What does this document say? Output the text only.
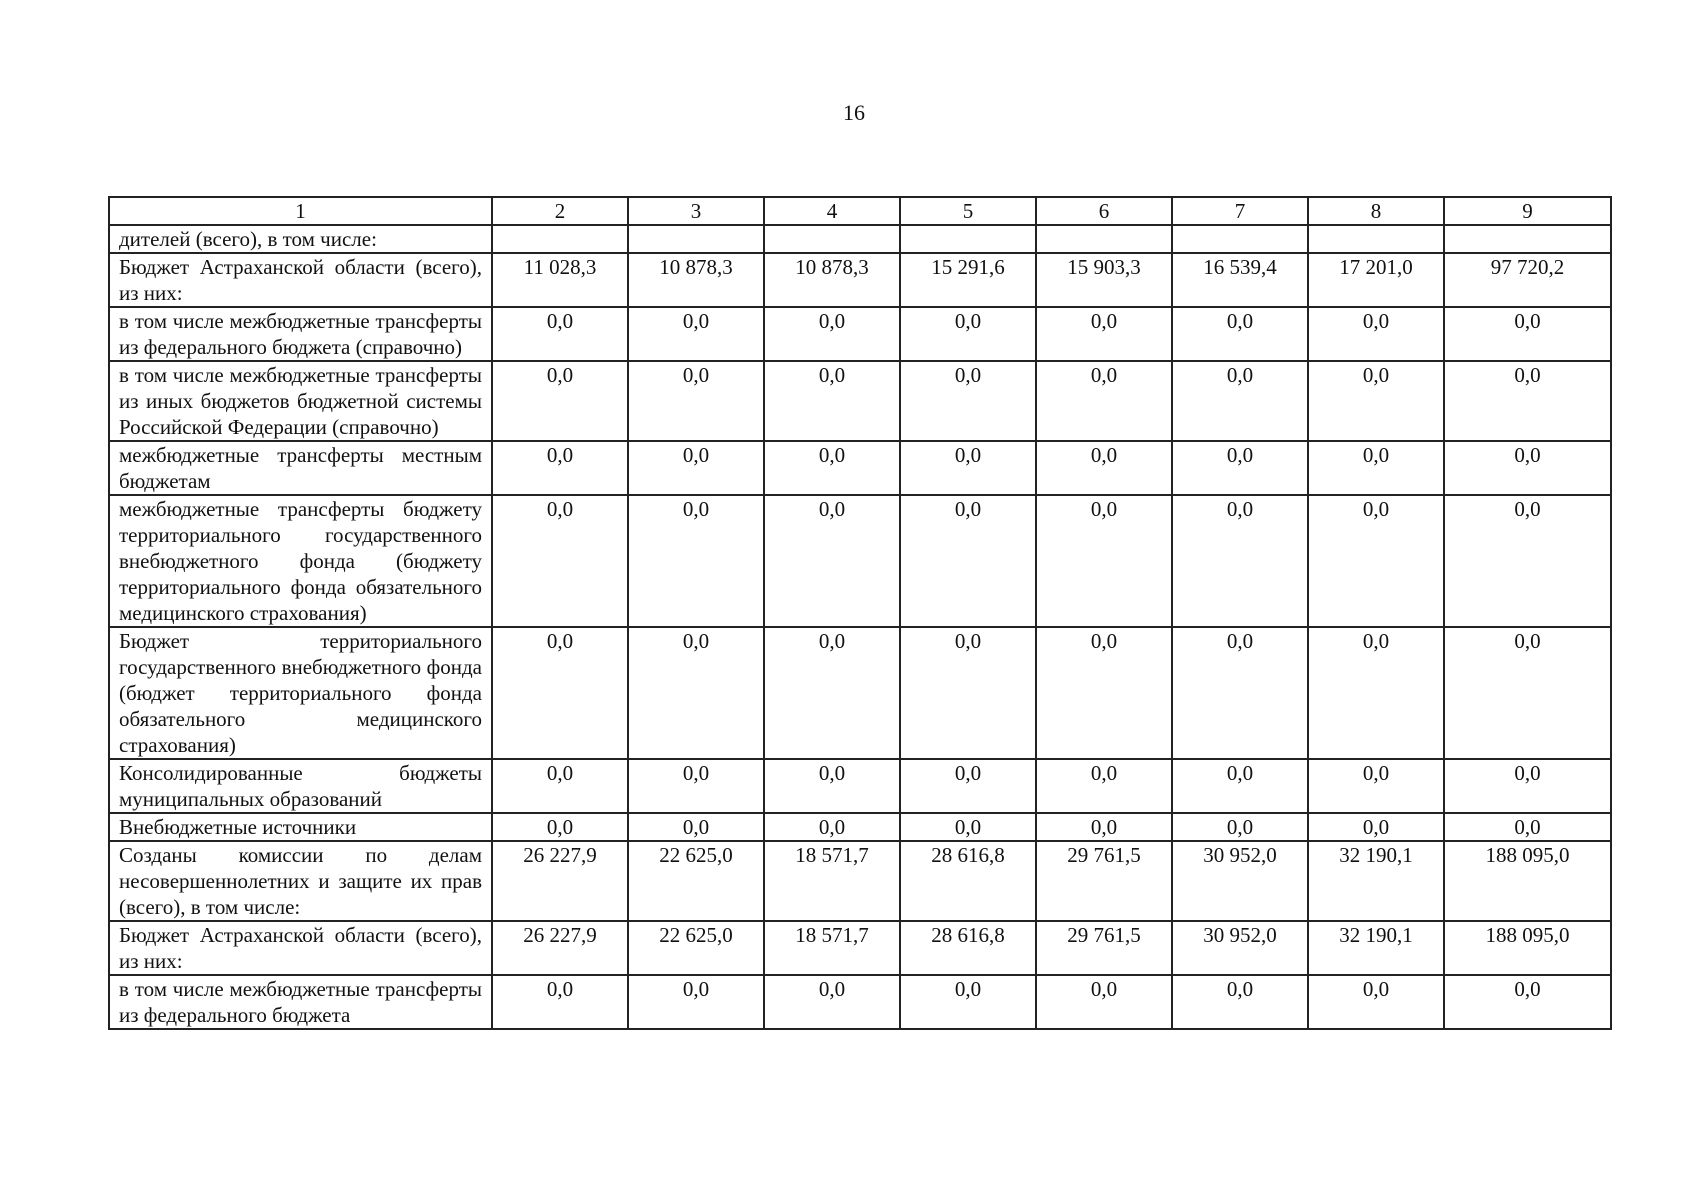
16
1	2	3	4	5	6	7	8	9
дителей (всего), в том числе:								
Бюджет Астраханской области (всего), из них:	11 028,3	10 878,3	10 878,3	15 291,6	15 903,3	16 539,4	17 201,0	97 720,2
в том числе межбюджетные трансферты из федерального бюджета (справочно)	0,0	0,0	0,0	0,0	0,0	0,0	0,0	0,0
в том числе межбюджетные трансферты из иных бюджетов бюджетной системы Российской Федерации (справочно)	0,0	0,0	0,0	0,0	0,0	0,0	0,0	0,0
межбюджетные трансферты местным бюджетам	0,0	0,0	0,0	0,0	0,0	0,0	0,0	0,0
межбюджетные трансферты бюджету территориального государственного внебюджетного фонда (бюджету территориального фонда обязательного медицинского страхования)	0,0	0,0	0,0	0,0	0,0	0,0	0,0	0,0
Бюджет территориального государственного внебюджетного фонда (бюджет территориального фонда обязательного медицинского страхования)	0,0	0,0	0,0	0,0	0,0	0,0	0,0	0,0
Консолидированные бюджеты муниципальных образований	0,0	0,0	0,0	0,0	0,0	0,0	0,0	0,0
Внебюджетные источники	0,0	0,0	0,0	0,0	0,0	0,0	0,0	0,0
Созданы комиссии по делам несовершеннолетних и защите их прав (всего), в том числе:	26 227,9	22 625,0	18 571,7	28 616,8	29 761,5	30 952,0	32 190,1	188 095,0
Бюджет Астраханской области (всего), из них:	26 227,9	22 625,0	18 571,7	28 616,8	29 761,5	30 952,0	32 190,1	188 095,0
в том числе межбюджетные трансферты из федерального бюджета	0,0	0,0	0,0	0,0	0,0	0,0	0,0	0,0
